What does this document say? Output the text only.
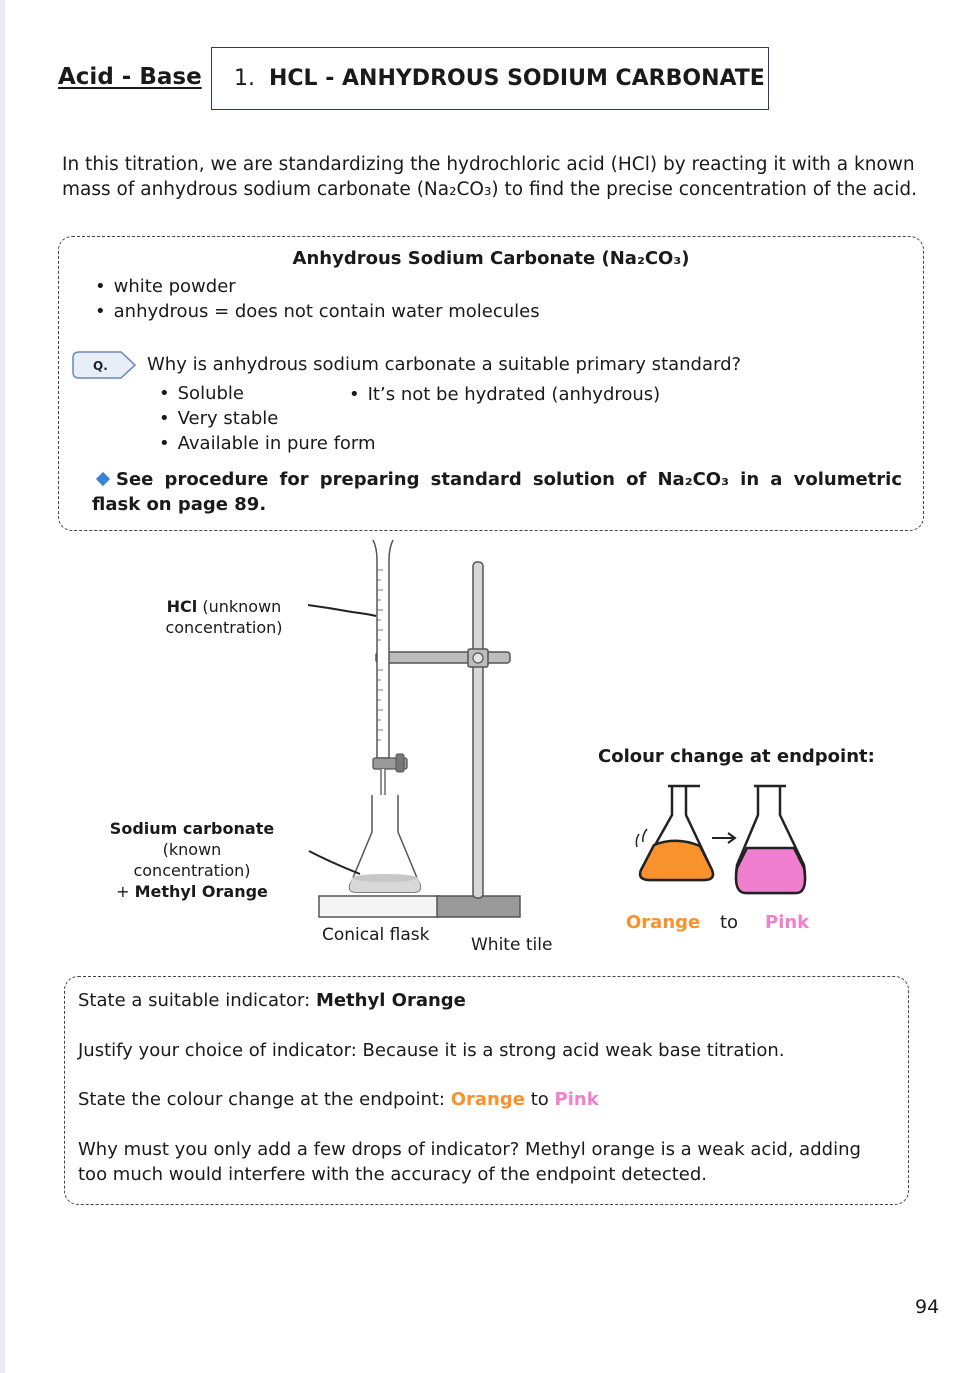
Acid - Base 1. HCL - ANHYDROUS SODIUM CARBONATE
In this titration, we are standardizing the hydrochloric acid (HCl) by reacting it with a known mass of anhydrous sodium carbonate (Na₂CO₃) to find the precise concentration of the acid.
Anhydrous Sodium Carbonate (Na₂CO₃)
• white powder
• anhydrous = does not contain water molecules
Q. Why is anhydrous sodium carbonate a suitable primary standard?
• Soluble
• Very stable
• Available in pure form
• It’s not be hydrated (anhydrous)
See procedure for preparing standard solution of Na₂CO₃ in a volumetric flask on page 89.
HCl (unknown
concentration)
Sodium carbonate (known
concentration)
+ Methyl Orange
Conical flask White tile
Colour change at endpoint:
Orange to Pink
State a suitable indicator: Methyl Orange
Justify your choice of indicator: Because it is a strong acid weak base titration.
State the colour change at the endpoint: Orange to Pink
Why must you only add a few drops of indicator? Methyl orange is a weak acid, adding too much would interfere with the accuracy of the endpoint detected.
94
